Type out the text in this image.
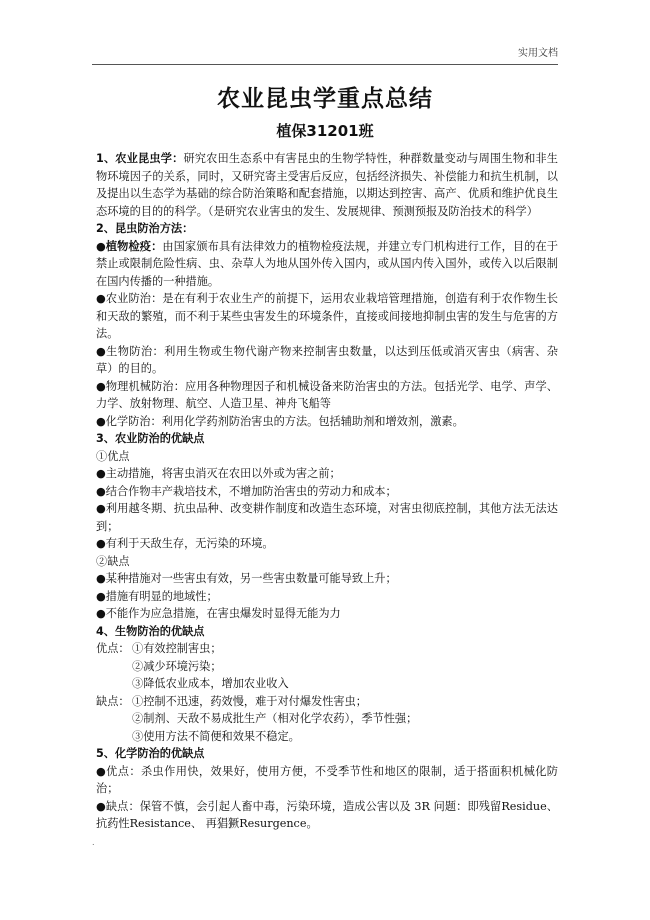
实用文档
农业昆虫学重点总结
植保31201班

1、农业昆虫学：研究农田生态系中有害昆虫的生物学特性，种群数量变动与周围生物和非生物环境因子的关系，同时，又研究寄主受害后反应，包括经济损失、补偿能力和抗生机制，以及提出以生态学为基础的综合防治策略和配套措施，以期达到控害、高产、优质和维护优良生态环境的目的的科学。（是研究农业害虫的发生、发展规律、预测预报及防治技术的科学）

2、昆虫防治方法：

●植物检疫：由国家颁布具有法律效力的植物检疫法规，并建立专门机构进行工作，目的在于禁止或限制危险性病、虫、杂草人为地从国外传入国内，或从国内传入国外，或传入以后限制在国内传播的一种措施。

●农业防治：是在有利于农业生产的前提下，运用农业栽培管理措施，创造有利于农作物生长和天敌的繁殖，而不利于某些虫害发生的环境条件，直接或间接地抑制虫害的发生与危害的方法。

●生物防治：利用生物或生物代谢产物来控制害虫数量，以达到压低或消灭害虫（病害、杂草）的目的。

●物理机械防治：应用各种物理因子和机械设备来防治害虫的方法。包括光学、电学、声学、力学、放射物理、航空、人造卫星、神舟飞船等

●化学防治：利用化学药剂防治害虫的方法。包括辅助剂和增效剂，激素。

3、农业防治的优缺点

①优点

●主动措施，将害虫消灭在农田以外或为害之前；

●结合作物丰产栽培技术，不增加防治害虫的劳动力和成本；

●利用越冬期、抗虫品种、改变耕作制度和改造生态环境，对害虫彻底控制，其他方法无法达到；

●有利于天敌生存，无污染的环境。

②缺点

●某种措施对一些害虫有效，另一些害虫数量可能导致上升；

●措施有明显的地域性；

●不能作为应急措施，在害虫爆发时显得无能为力

4、生物防治的优缺点

优点： ①有效控制害虫；

②减少环境污染；

③降低农业成本，增加农业收入

缺点： ①控制不迅速，药效慢，难于对付爆发性害虫；

②制剂、天敌不易成批生产（相对化学农药），季节性强；

③使用方法不简便和效果不稳定。

5、化学防治的优缺点

●优点：杀虫作用快，效果好，使用方便，不受季节性和地区的限制，适于搭面积机械化防治；

●缺点：保管不慎，会引起人畜中毒，污染环境，造成公害以及 3R 问题：即残留Residue、抗药性Resistance、 再猖獗Resurgence。

.
